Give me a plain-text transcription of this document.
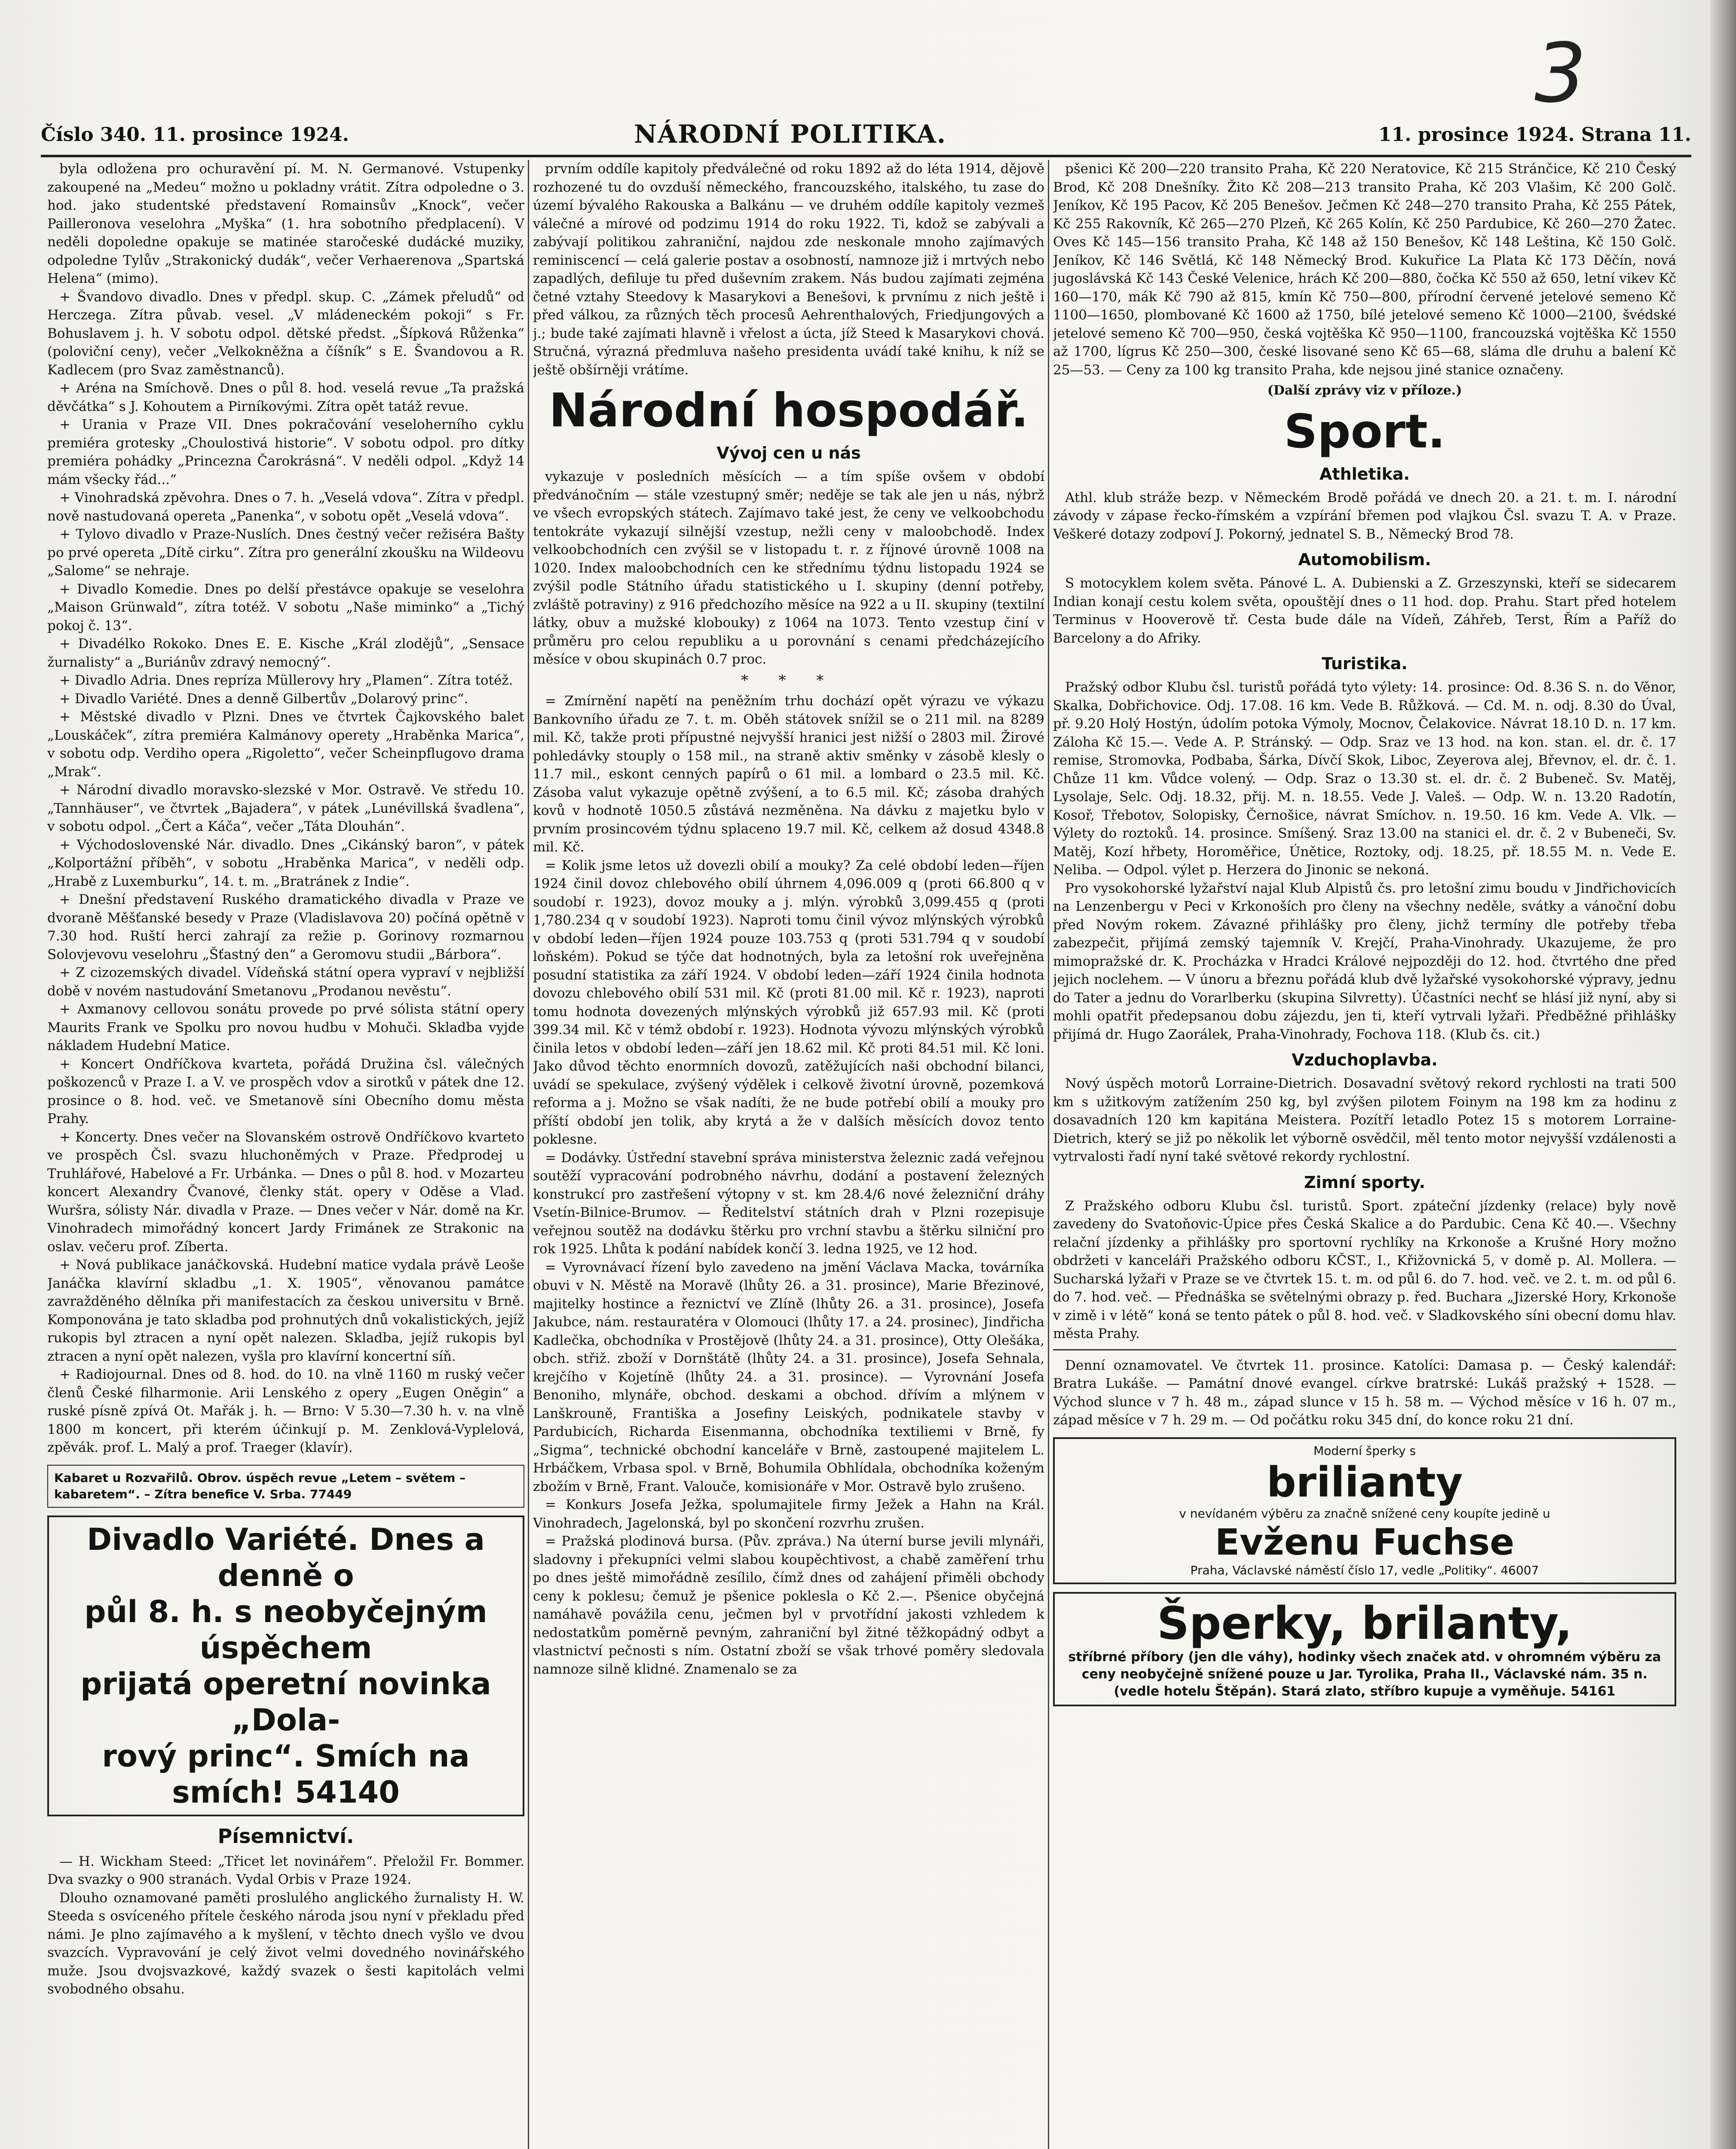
3
Číslo 340. 11. prosince 1924.	NÁRODNÍ POLITIKA.	11. prosince 1924. Strana 11.

byla odložena pro ochuravění pí. M. N. Germanové. Vstupenky zakoupené na „Medeu“ možno u pokladny vrátit. Zítra odpoledne o 3. hod. jako studentské představení Romainsův „Knock“, večer Pailleronova veselohra „Myška“ (1. hra sobotního předplacení). V neděli dopoledne opakuje se matinée staročeské dudácké muziky, odpoledne Tylův „Strakonický dudák“, večer Verhaerenova „Spartská Helena“ (mimo).

+ Švandovo divadlo. Dnes v předpl. skup. C. „Zámek přeludů“ od Herczega. Zítra půvab. vesel. „V mládeneckém pokoji“ s Fr. Bohuslavem j. h. V sobotu odpol. dětské předst. „Šípková Růženka“ (poloviční ceny), večer „Velkokněžna a číšník“ s E. Švandovou a R. Kadlecem (pro Svaz zaměstnanců).

+ Aréna na Smíchově. Dnes o půl 8. hod. veselá revue „Ta pražská děvčátka“ s J. Kohoutem a Pirníkovými. Zítra opět tatáž revue.

+ Urania v Praze VII. Dnes pokračování veseloherního cyklu premiéra grotesky „Choulostivá historie“. V sobotu odpol. pro dítky premiéra pohádky „Princezna Čarokrásná“. V neděli odpol. „Když 14 mám všecky řád...“

+ Vinohradská zpěvohra. Dnes o 7. h. „Veselá vdova“. Zítra v předpl. nově nastudovaná opereta „Panenka“, v sobotu opět „Veselá vdova“.

+ Tylovo divadlo v Praze-Nuslích. Dnes čestný večer režiséra Bašty po prvé opereta „Dítě cirku“. Zítra pro generální zkoušku na Wildeovu „Salome“ se nehraje.

+ Divadlo Komedie. Dnes po delší přestávce opakuje se veselohra „Maison Grünwald“, zítra totéž. V sobotu „Naše miminko“ a „Tichý pokoj č. 13“.

+ Divadélko Rokoko. Dnes E. E. Kische „Král zlodějů“, „Sensace žurnalisty“ a „Buriánův zdravý nemocný“.

+ Divadlo Adria. Dnes repríza Müllerovy hry „Plamen“. Zítra totéž.

+ Divadlo Variété. Dnes a denně Gilbertův „Dolarový princ“.

+ Městské divadlo v Plzni. Dnes ve čtvrtek Čajkovského balet „Louskáček“, zítra premiéra Kalmánovy operety „Hraběnka Marica“, v sobotu odp. Verdiho opera „Rigoletto“, večer Scheinpflugovo drama „Mrak“.

+ Národní divadlo moravsko-slezské v Mor. Ostravě. Ve středu 10. „Tannhäuser“, ve čtvrtek „Bajadera“, v pátek „Lunévillská švadlena“, v sobotu odpol. „Čert a Káča“, večer „Táta Dlouhán“.

+ Východoslovenské Nár. divadlo. Dnes „Cikánský baron“, v pátek „Kolportážní příběh“, v sobotu „Hraběnka Marica“, v neděli odp. „Hrabě z Luxemburku“, 14. t. m. „Bratránek z Indie“.

+ Dnešní představení Ruského dramatického divadla v Praze ve dvoraně Měšťanské besedy v Praze (Vladislavova 20) počíná opětně v 7.30 hod. Ruští herci zahrají za režie p. Gorinovy rozmarnou Solovjevovu veselohru „Šťastný den“ a Geromovu studii „Bárbora“.

+ Z cizozemských divadel. Vídeňská státní opera vypraví v nejbližší době v novém nastudování Smetanovu „Prodanou nevěstu“.

+ Axmanovy cellovou sonátu provede po prvé sólista státní opery Maurits Frank ve Spolku pro novou hudbu v Mohuči. Skladba vyjde nákladem Hudební Matice.

+ Koncert Ondříčkova kvarteta, pořádá Družina čsl. válečných poškozenců v Praze I. a V. ve prospěch vdov a sirotků v pátek dne 12. prosince o 8. hod. več. ve Smetanově síni Obecního domu města Prahy.

+ Koncerty. Dnes večer na Slovanském ostrově Ondříčkovo kvarteto ve prospěch Čsl. svazu hluchoněmých v Praze. Předprodej u Truhlářové, Habelové a Fr. Urbánka. — Dnes o půl 8. hod. v Mozarteu koncert Alexandry Čvanové, členky stát. opery v Oděse a Vlad. Wuršra, sólisty Nár. divadla v Praze. — Dnes večer v Nár. domě na Kr. Vinohradech mimořádný koncert Jardy Frimánek ze Strakonic na oslav. večeru prof. Zíberta.

+ Nová publikace janáčkovská. Hudební matice vydala právě Leoše Janáčka klavírní skladbu „1. X. 1905“, věnovanou památce zavražděného dělníka při manifestacích za českou universitu v Brně. Komponována je tato skladba pod prohnutých dnů vokalistických, jejíž rukopis byl ztracen a nyní opět nalezen. Skladba, jejíž rukopis byl ztracen a nyní opět nalezen, vyšla pro klavírní koncertní síň.

+ Radiojournal. Dnes od 8. hod. do 10. na vlně 1160 m ruský večer členů České filharmonie. Arii Lenského z opery „Eugen Oněgin“ a ruské písně zpívá Ot. Mařák j. h. — Brno: V 5.30—7.30 h. v. na vlně 1800 m koncert, při kterém účinkují p. M. Zenklová-Vyplelová, zpěvák. prof. L. Malý a prof. Traeger (klavír).

Kabaret u Rozvařilů. Obrov. úspěch revue „Letem – světem – kabaretem“. – Zítra benefice V. Srba. 77449
Divadlo Variété. Dnes a denně o
půl 8. h. s neobyčejným úspěchem
prijatá operetní novinka „Dola-
rový princ“. Smích na smích! 54140
Písemnictví.

— H. Wickham Steed: „Třicet let novinářem“. Přeložil Fr. Bommer. Dva svazky o 900 stranách. Vydal Orbis v Praze 1924.

Dlouho oznamované paměti proslulého anglického žurnalisty H. W. Steeda s osvíceného přítele českého národa jsou nyní v překladu před námi. Je plno zajímavého a k myšlení, v těchto dnech vyšlo ve dvou svazcích. Vypravování je celý život velmi dovedného novinářského muže. Jsou dvojsvazkové, každý svazek o šesti kapitolách velmi svobodného obsahu.

prvním oddíle kapitoly předválečné od roku 1892 až do léta 1914, dějově rozhozené tu do ovzduší německého, francouzského, italského, tu zase do území bývalého Rakouska a Balkánu — ve druhém oddíle kapitoly vezmeš válečné a mírové od podzimu 1914 do roku 1922. Ti, kdož se zabývali a zabývají politikou zahraniční, najdou zde neskonale mnoho zajímavých reminiscencí — celá galerie postav a osobností, namnoze již i mrtvých nebo zapadlých, defiluje tu před duševním zrakem. Nás budou zajímati zejména četné vztahy Steedovy k Masarykovi a Benešovi, k prvnímu z nich ještě i před válkou, za různých těch procesů Aehrenthalových, Friedjungových a j.; bude také zajímati hlavně i vřelost a úcta, jíž Steed k Masarykovi chová. Stručná, výrazná předmluva našeho presidenta uvádí také knihu, k níž se ještě obšírněji vrátíme.

Národní hospodář.
Vývoj cen u nás

vykazuje v posledních měsících — a tím spíše ovšem v období předvánočním — stále vzestupný směr; neděje se tak ale jen u nás, nýbrž ve všech evropských státech. Zajímavo také jest, že ceny ve velkoobchodu tentokráte vykazují silnější vzestup, nežli ceny v maloobchodě. Index velkoobchodních cen zvýšil se v listopadu t. r. z říjnové úrovně 1008 na 1020. Index maloobchodních cen ke střednímu týdnu listopadu 1924 se zvýšil podle Státního úřadu statistického u I. skupiny (denní potřeby, zvláště potraviny) z 916 předchozího měsíce na 922 a u II. skupiny (textilní látky, obuv a mužské klobouky) z 1064 na 1073. Tento vzestup činí v průměru pro celou republiku a u porovnání s cenami předcházejícího měsíce v obou skupinách 0.7 proc.

* * *

= Zmírnění napětí na peněžním trhu dochází opět výrazu ve výkazu Bankovního úřadu ze 7. t. m. Oběh státovek snížil se o 211 mil. na 8289 mil. Kč, takže proti přípustné nejvyšší hranici jest nižší o 2803 mil. Žirové pohledávky stouply o 158 mil., na straně aktiv směnky v zásobě klesly o 11.7 mil., eskont cenných papírů o 61 mil. a lombard o 23.5 mil. Kč. Zásoba valut vykazuje opětně zvýšení, a to 6.5 mil. Kč; zásoba drahých kovů v hodnotě 1050.5 zůstává nezměněna. Na dávku z majetku bylo v prvním prosincovém týdnu splaceno 19.7 mil. Kč, celkem až dosud 4348.8 mil. Kč.

= Kolik jsme letos už dovezli obilí a mouky? Za celé období leden—říjen 1924 činil dovoz chlebového obilí úhrnem 4,096.009 q (proti 66.800 q v soudobí r. 1923), dovoz mouky a j. mlýn. výrobků 3,099.455 q (proti 1,780.234 q v soudobí 1923). Naproti tomu činil vývoz mlýnských výrobků v období leden—říjen 1924 pouze 103.753 q (proti 531.794 q v soudobí loňském). Pokud se týče dat hodnotných, byla za letošní rok uveřejněna posudní statistika za září 1924. V období leden—září 1924 činila hodnota dovozu chlebového obilí 531 mil. Kč (proti 81.00 mil. Kč r. 1923), naproti tomu hodnota dovezených mlýnských výrobků již 657.93 mil. Kč (proti 399.34 mil. Kč v témž období r. 1923). Hodnota vývozu mlýnských výrobků činila letos v období leden—září jen 18.62 mil. Kč proti 84.51 mil. Kč loni. Jako důvod těchto enormních dovozů, zatěžujících naši obchodní bilanci, uvádí se spekulace, zvýšený výdělek i celkově životní úrovně, pozemková reforma a j. Možno se však nadíti, že ne bude potřebí obilí a mouky pro příští období jen tolik, aby krytá a že v dalších měsících dovoz tento poklesne.

= Dodávky. Ústřední stavební správa ministerstva železnic zadá veřejnou soutěží vypracování podrobného návrhu, dodání a postavení železných konstrukcí pro zastřešení výtopny v st. km 28.4/6 nové železniční dráhy Vsetín-Bilnice-Brumov. — Ředitelství státních drah v Plzni rozepisuje veřejnou soutěž na dodávku štěrku pro vrchní stavbu a štěrku silniční pro rok 1925. Lhůta k podání nabídek končí 3. ledna 1925, ve 12 hod.

= Vyrovnávací řízení bylo zavedeno na jmění Václava Macka, továrníka obuvi v N. Městě na Moravě (lhůty 26. a 31. prosince), Marie Březinové, majitelky hostince a řeznictví ve Zlíně (lhůty 26. a 31. prosince), Josefa Jakubce, nám. restauratéra v Olomouci (lhůty 17. a 24. prosinec), Jindřicha Kadlečka, obchodníka v Prostějově (lhůty 24. a 31. prosince), Otty Olešáka, obch. střiž. zboží v Dornštátě (lhůty 24. a 31. prosince), Josefa Sehnala, krejčího v Kojetíně (lhůty 24. a 31. prosince). — Vyrovnání Josefa Benoniho, mlynáře, obchod. deskami a obchod. dřívím a mlýnem v Lanškrouně, Františka a Josefiny Leiských, podnikatele stavby v Pardubicích, Richarda Eisenmanna, obchodníka textiliemi v Brně, fy „Sigma“, technické obchodní kanceláře v Brně, zastoupené majitelem L. Hrbáčkem, Vrbasa spol. v Brně, Bohumila Obhlídala, obchodníka koženým zbožím v Brně, Frant. Valouče, komisionáře v Mor. Ostravě bylo zrušeno.

= Konkurs Josefa Ježka, spolumajitele firmy Ježek a Hahn na Král. Vinohradech, Jagelonská, byl po skončení rozvrhu zrušen.

= Pražská plodinová bursa. (Pův. zpráva.) Na úterní burse jevili mlynáři, sladovny i překupníci velmi slabou koupěchtivost, a chabě zaměření trhu po dnes ještě mimořádně zesílilo, čímž dnes od zahájení přiměli obchody ceny k poklesu; čemuž je pšenice poklesla o Kč 2.—. Pšenice obyčejná namáhavě povážila cenu, ječmen byl v prvotřídní jakosti vzhledem k nedostatkům poměrně pevným, zahraniční byl žitné těžkopádný odbyt a vlastnictví pečnosti s ním. Ostatní zboží se však trhové poměry sledovala namnoze silně klidné. Znamenalo se za

pšenici Kč 200—220 transito Praha, Kč 220 Neratovice, Kč 215 Stránčice, Kč 210 Český Brod, Kč 208 Dnešníky. Žito Kč 208—213 transito Praha, Kč 203 Vlašim, Kč 200 Golč. Jeníkov, Kč 195 Pacov, Kč 205 Benešov. Ječmen Kč 248—270 transito Praha, Kč 255 Pátek, Kč 255 Rakovník, Kč 265—270 Plzeň, Kč 265 Kolín, Kč 250 Pardubice, Kč 260—270 Žatec. Oves Kč 145—156 transito Praha, Kč 148 až 150 Benešov, Kč 148 Leština, Kč 150 Golč. Jeníkov, Kč 146 Světlá, Kč 148 Německý Brod. Kukuřice La Plata Kč 173 Děčín, nová jugoslávská Kč 143 České Velenice, hrách Kč 200—880, čočka Kč 550 až 650, letní vikev Kč 160—170, mák Kč 790 až 815, kmín Kč 750—800, přírodní červené jetelové semeno Kč 1100—1650, plombované Kč 1600 až 1750, bílé jetelové semeno Kč 1000—2100, švédské jetelové semeno Kč 700—950, česká vojtěška Kč 950—1100, francouzská vojtěška Kč 1550 až 1700, lígrus Kč 250—300, české lisované seno Kč 65—68, sláma dle druhu a balení Kč 25—53. — Ceny za 100 kg transito Praha, kde nejsou jiné stanice označeny.

(Další zprávy viz v příloze.)
Sport.
Athletika.

Athl. klub stráže bezp. v Německém Brodě pořádá ve dnech 20. a 21. t. m. I. národní závody v zápase řecko-římském a vzpírání břemen pod vlajkou Čsl. svazu T. A. v Praze. Veškeré dotazy zodpoví J. Pokorný, jednatel S. B., Německý Brod 78.

Automobilism.

S motocyklem kolem světa. Pánové L. A. Dubienski a Z. Grzeszynski, kteří se sidecarem Indian konají cestu kolem světa, opouštějí dnes o 11 hod. dop. Prahu. Start před hotelem Terminus v Hooverově tř. Cesta bude dále na Vídeň, Záhřeb, Terst, Řím a Paříž do Barcelony a do Afriky.

Turistika.

Pražský odbor Klubu čsl. turistů pořádá tyto výlety: 14. prosince: Od. 8.36 S. n. do Věnor, Skalka, Dobřichovice. Odj. 17.08. 16 km. Vede B. Růžková. — Cd. M. n. odj. 8.30 do Úval, př. 9.20 Holý Hostýn, údolím potoka Výmoly, Mocnov, Čelakovice. Návrat 18.10 D. n. 17 km. Záloha Kč 15.—. Vede A. P. Stránský. — Odp. Sraz ve 13 hod. na kon. stan. el. dr. č. 17 remise, Stromovka, Podbaba, Šárka, Dívčí Skok, Liboc, Zeyerova alej, Břevnov, el. dr. č. 1. Chůze 11 km. Vůdce volený. — Odp. Sraz o 13.30 st. el. dr. č. 2 Bubeneč. Sv. Matěj, Lysolaje, Selc. Odj. 18.32, přij. M. n. 18.55. Vede J. Valeš. — Odp. W. n. 13.20 Radotín, Kosoř, Třebotov, Solopisky, Černošice, návrat Smíchov. n. 19.50. 16 km. Vede A. Vlk. — Výlety do roztoků. 14. prosince. Smíšený. Sraz 13.00 na stanici el. dr. č. 2 v Bubeneči, Sv. Matěj, Kozí hřbety, Horoměřice, Únětice, Roztoky, odj. 18.25, př. 18.55 M. n. Vede E. Neliba. — Odpol. výlet p. Herzera do Jinonic se nekoná.

Pro vysokohorské lyžařství najal Klub Alpistů čs. pro letošní zimu boudu v Jindřichovicích na Lenzenbergu v Peci v Krkonoších pro členy na všechny neděle, svátky a vánoční dobu před Novým rokem. Závazné přihlášky pro členy, jichž termíny dle potřeby třeba zabezpečit, přijímá zemský tajemník V. Krejčí, Praha-Vinohrady. Ukazujeme, že pro mimopražské dr. K. Procházka v Hradci Králové nejpozději do 12. hod. čtvrtého dne před jejich noclehem. — V únoru a březnu pořádá klub dvě lyžařské vysokohorské výpravy, jednu do Tater a jednu do Vorarlberku (skupina Silvretty). Účastníci nechť se hlásí již nyní, aby si mohli opatřit předepsanou dobu zájezdu, jen ti, kteří vytrvali lyžaři. Předběžné přihlášky přijímá dr. Hugo Zaorálek, Praha-Vinohrady, Fochova 118. (Klub čs. cit.)

Vzduchoplavba.

Nový úspěch motorů Lorraine-Dietrich. Dosavadní světový rekord rychlosti na trati 500 km s užitkovým zatížením 250 kg, byl zvýšen pilotem Foinym na 198 km za hodinu z dosavadních 120 km kapitána Meistera. Pozítří letadlo Potez 15 s motorem Lorraine-Dietrich, který se již po několik let výborně osvědčil, měl tento motor nejvyšší vzdálenosti a vytrvalosti řadí nyní také světové rekordy rychlostní.

Zimní sporty.

Z Pražského odboru Klubu čsl. turistů. Sport. zpáteční jízdenky (relace) byly nově zavedeny do Svatoňovic-Úpice přes Česká Skalice a do Pardubic. Cena Kč 40.—. Všechny relační jízdenky a přihlášky pro sportovní rychlíky na Krkonoše a Krušné Hory možno obdržeti v kanceláři Pražského odboru KČST., I., Křižovnická 5, v domě p. Al. Mollera. — Sucharská lyžaři v Praze se ve čtvrtek 15. t. m. od půl 6. do 7. hod. več. ve 2. t. m. od půl 6. do 7. hod. več. — Přednáška se světelnými obrazy p. řed. Buchara „Jizerské Hory, Krkonoše v zimě i v létě“ koná se tento pátek o půl 8. hod. več. v Sladkovského síni obecní domu hlav. města Prahy.

Denní oznamovatel. Ve čtvrtek 11. prosince. Katolíci: Damasa p. — Český kalendář: Bratra Lukáše. — Památní dnové evangel. církve bratrské: Lukáš pražský + 1528. — Východ slunce v 7 h. 48 m., západ slunce v 15 h. 58 m. — Východ měsíce v 16 h. 07 m., západ měsíce v 7 h. 29 m. — Od počátku roku 345 dní, do konce roku 21 dní.

Moderní šperky s
brilianty
v nevídaném výběru za značně snížené ceny koupíte jedině u
Evženu Fuchse
Praha, Václavské náměstí číslo 17, vedle „Politiky“. 46007
Šperky, brilanty,
stříbrné příbory (jen dle váhy), hodinky všech značek atd. v ohromném výběru za ceny neobyčejně snížené pouze u Jar. Tyrolika, Praha II., Václavské nám. 35 n. (vedle hotelu Štěpán). Stará zlato, stříbro kupuje a vyměňuje. 54161
